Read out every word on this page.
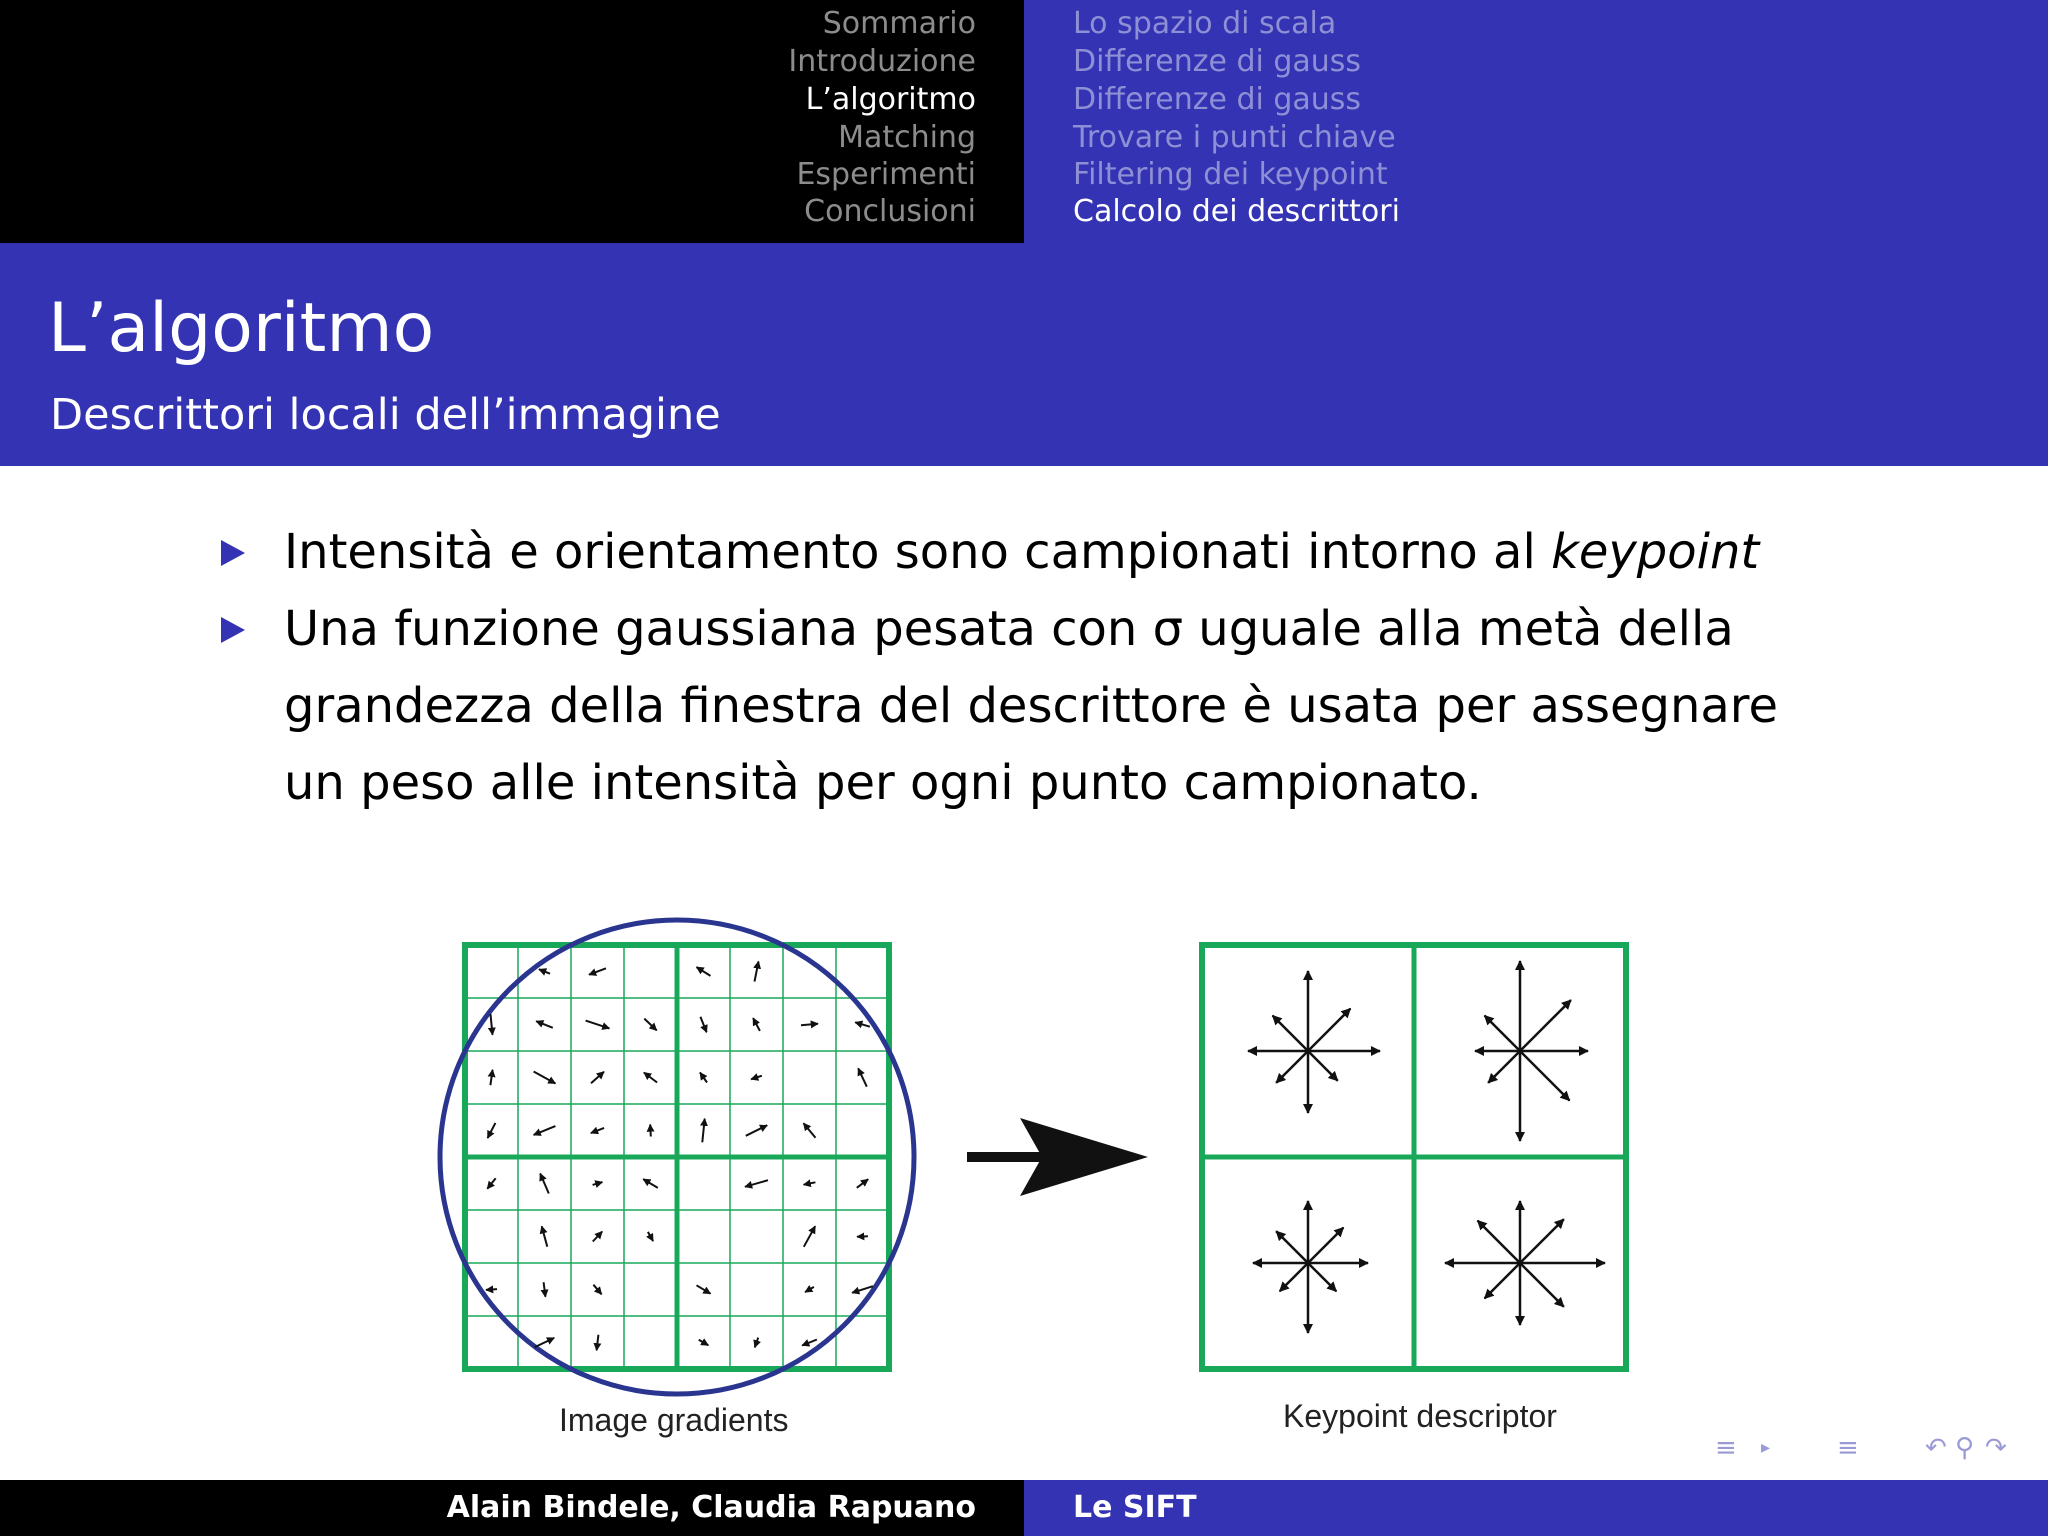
Sommario
Introduzione
L’algoritmo
Matching
Esperimenti
Conclusioni
Lo spazio di scala
Differenze di gauss
Differenze di gauss
Trovare i punti chiave
Filtering dei keypoint
Calcolo dei descrittori
L’algoritmo
Descrittori locali dell’immagine
Intensità e orientamento sono campionati intorno al keypoint
Una funzione gaussiana pesata con σ uguale alla metà della
grandezza della finestra del descrittore è usata per assegnare
un peso alle intensità per ogni punto campionato.
Image gradients	Keypoint descriptor
≡ ▸	≡	↶ ⚲ ↷
Alain Bindele, Claudia Rapuano	Le SIFT
